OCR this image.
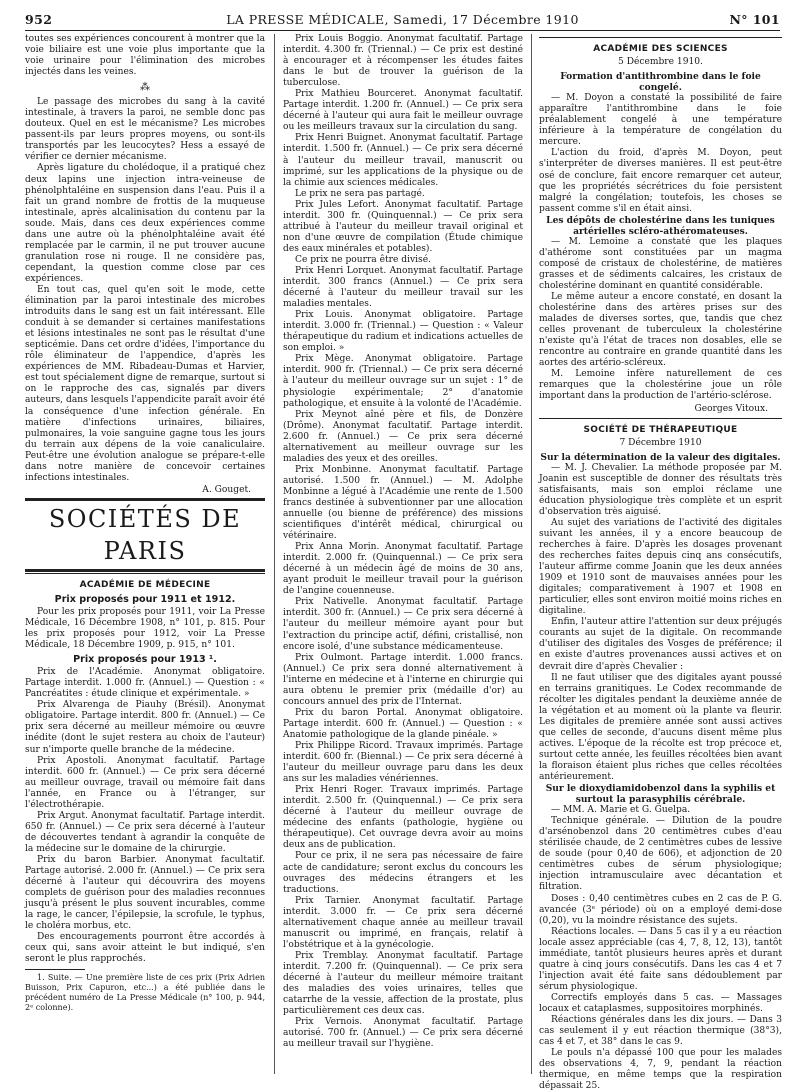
952	LA PRESSE MÉDICALE, Samedi, 17 Décembre 1910	N° 101

toutes ses expériences concourent à montrer que la voie biliaire est une voie plus importante que la voie urinaire pour l'élimination des microbes injectés dans les veines.

⁂

Le passage des microbes du sang à la cavité intestinale, à travers la paroi, ne semble donc pas douteux. Quel en est le mécanisme? Les microbes passent-ils par leurs propres moyens, ou sont-ils transportés par les leucocytes? Hess a essayé de vérifier ce dernier mécanisme.

Après ligature du cholédoque, il a pratiqué chez deux lapins une injection intra-veineuse de phénolphtaléine en suspension dans l'eau. Puis il a fait un grand nombre de frottis de la muqueuse intestinale, après alcalinisation du contenu par la soude. Mais, dans ces deux expériences comme dans une autre où la phénolphtaléine avait été remplacée par le carmin, il ne put trouver aucune granulation rose ni rouge. Il ne considère pas, cependant, la question comme close par ces expériences.

En tout cas, quel qu'en soit le mode, cette élimination par la paroi intestinale des microbes introduits dans le sang est un fait intéressant. Elle conduit à se demander si certaines manifestations et lésions intestinales ne sont pas le résultat d'une septicémie. Dans cet ordre d'idées, l'importance du rôle éliminateur de l'appendice, d'après les expériences de MM. Ribadeau-Dumas et Harvier, est tout spécialement digne de remarque, surtout si on le rapproche des cas, signalés par divers auteurs, dans lesquels l'appendicite paraît avoir été la conséquence d'une infection générale. En matière d'infections urinaires, biliaires, pulmonaires, la voie sanguine gagne tous les jours du terrain aux dépens de la voie canaliculaire. Peut-être une évolution analogue se prépare-t-elle dans notre manière de concevoir certaines infections intestinales.

A. Gouget.

SOCIÉTÉS DE PARIS
ACADÉMIE DE MÉDECINE
Prix proposés pour 1911 et 1912.

Pour les prix proposés pour 1911, voir La Presse Médicale, 16 Décembre 1908, n° 101, p. 815. Pour les prix proposés pour 1912, voir La Presse Médicale, 18 Décembre 1909, p. 915, n° 101.

Prix proposés pour 1913 ¹.

Prix de l'Académie. Anonymat obligatoire. Partage interdit. 1.000 fr. (Annuel.) — Question : « Pancréatites : étude clinique et expérimentale. »

Prix Alvarenga de Piauhy (Brésil). Anonymat obligatoire. Partage interdit. 800 fr. (Annuel.) — Ce prix sera décerné au meilleur mémoire ou œuvre inédite (dont le sujet restera au choix de l'auteur) sur n'importe quelle branche de la médecine.

Prix Apostoli. Anonymat facultatif. Partage interdit. 600 fr. (Annuel.) — Ce prix sera décerné au meilleur ouvrage, travail ou mémoire fait dans l'année, en France ou à l'étranger, sur l'électrothérapie.

Prix Argut. Anonymat facultatif. Partage interdit. 650 fr. (Annuel.) — Ce prix sera décerné à l'auteur de découvertes tendant à agrandir la conquête de la médecine sur le domaine de la chirurgie.

Prix du baron Barbier. Anonymat facultatif. Partage autorisé. 2.000 fr. (Annuel.) — Ce prix sera décerné à l'auteur qui découvrira des moyens complets de guérison pour des maladies reconnues jusqu'à présent le plus souvent incurables, comme la rage, le cancer, l'épilepsie, la scrofule, le typhus, le choléra morbus, etc.

Des encouragements pourront être accordés à ceux qui, sans avoir atteint le but indiqué, s'en seront le plus rapprochés.

1. Suite. — Une première liste de ces prix (Prix Adrien Buisson, Prix Capuron, etc...) a été publiée dans le précédent numéro de La Presse Médicale (n° 100, p. 944, 2ᵉ colonne).

Prix Louis Boggio. Anonymat facultatif. Partage interdit. 4.300 fr. (Triennal.) — Ce prix est destiné à encourager et à récompenser les études faites dans le but de trouver la guérison de la tuberculose.

Prix Mathieu Bourceret. Anonymat facultatif. Partage interdit. 1.200 fr. (Annuel.) — Ce prix sera décerné à l'auteur qui aura fait le meilleur ouvrage ou les meilleurs travaux sur la circulation du sang.

Prix Henri Buignet. Anonymat facultatif. Partage interdit. 1.500 fr. (Annuel.) — Ce prix sera décerné à l'auteur du meilleur travail, manuscrit ou imprimé, sur les applications de la physique ou de la chimie aux sciences médicales.

Le prix ne sera pas partagé.

Prix Jules Lefort. Anonymat facultatif. Partage interdit. 300 fr. (Quinquennal.) — Ce prix sera attribué à l'auteur du meilleur travail original et non d'une œuvre de compilation (Étude chimique des eaux minérales et potables).

Ce prix ne pourra être divisé.

Prix Henri Lorquet. Anonymat facultatif. Partage interdit. 300 francs (Annuel.) — Ce prix sera décerné à l'auteur du meilleur travail sur les maladies mentales.

Prix Louis. Anonymat obligatoire. Partage interdit. 3.000 fr. (Triennal.) — Question : « Valeur thérapeutique du radium et indications actuelles de son emploi. »

Prix Mège. Anonymat obligatoire. Partage interdit. 900 fr. (Triennal.) — Ce prix sera décerné à l'auteur du meilleur ouvrage sur un sujet : 1° de physiologie expérimentale; 2° d'anatomie pathologique, et ensuite à la volonté de l'Académie.

Prix Meynot aîné père et fils, de Donzère (Drôme). Anonymat facultatif. Partage interdit. 2.600 fr. (Annuel.) — Ce prix sera décerné alternativement au meilleur ouvrage sur les maladies des yeux et des oreilles.

Prix Monbinne. Anonymat facultatif. Partage autorisé. 1.500 fr. (Annuel.) — M. Adolphe Monbinne a légué à l'Académie une rente de 1.500 francs destinée à subventionner par une allocation annuelle (ou bienne de préférence) des missions scientifiques d'intérêt médical, chirurgical ou vétérinaire.

Prix Anna Morin. Anonymat facultatif. Partage interdit. 2.000 fr. (Quinquennal.) — Ce prix sera décerné à un médecin âgé de moins de 30 ans, ayant produit le meilleur travail pour la guérison de l'angine couenneuse.

Prix Nativelle. Anonymat facultatif. Partage interdit. 300 fr. (Annuel.) — Ce prix sera décerné à l'auteur du meilleur mémoire ayant pour but l'extraction du principe actif, défini, cristallisé, non encore isolé, d'une substance médicamenteuse.

Prix Oulmont. Partage interdit. 1.000 francs. (Annuel.) Ce prix sera donné alternativement à l'interne en médecine et à l'interne en chirurgie qui aura obtenu le premier prix (médaille d'or) au concours annuel des prix de l'Internat.

Prix du baron Portal. Anonymat obligatoire. Partage interdit. 600 fr. (Annuel.) — Question : « Anatomie pathologique de la glande pinéale. »

Prix Philippe Ricord. Travaux imprimés. Partage interdit. 600 fr. (Biennal.) — Ce prix sera décerné à l'auteur du meilleur ouvrage paru dans les deux ans sur les maladies vénériennes.

Prix Henri Roger. Travaux imprimés. Partage interdit. 2.500 fr. (Quinquennal.) — Ce prix sera décerné à l'auteur du meilleur ouvrage de médecine des enfants (pathologie, hygiène ou thérapeutique). Cet ouvrage devra avoir au moins deux ans de publication.

Pour ce prix, il ne sera pas nécessaire de faire acte de candidature; seront exclus du concours les ouvrages des médecins étrangers et les traductions.

Prix Tarnier. Anonymat facultatif. Partage interdit. 3.000 fr. — Ce prix sera décerné alternativement chaque année au meilleur travail manuscrit ou imprimé, en français, relatif à l'obstétrique et à la gynécologie.

Prix Tremblay. Anonymat facultatif. Partage interdit. 7.200 fr. (Quinquennal). — Ce prix sera décerné à l'auteur du meilleur mémoire traitant des maladies des voies urinaires, telles que catarrhe de la vessie, affection de la prostate, plus particulièrement ces deux cas.

Prix Vernois. Anonymat facultatif. Partage autorisé. 700 fr. (Annuel.) — Ce prix sera décerné au meilleur travail sur l'hygiène.

ACADÉMIE DES SCIENCES
5 Décembre 1910.

Formation d'antithrombine dans le foie congelé.

— M. Doyon a constaté la possibilité de faire apparaître l'antithrombine dans le foie préalablement congelé à une température inférieure à la température de congélation du mercure.

L'action du froid, d'après M. Doyon, peut s'interpréter de diverses manières. Il est peut-être osé de conclure, fait encore remarquer cet auteur, que les propriétés sécrétrices du foie persistent malgré la congélation; toutefois, les choses se passent comme s'il en était ainsi.

Les dépôts de cholestérine dans les tuniques artérielles scléro-athéromateuses.

— M. Lemoine a constaté que les plaques d'athérome sont constituées par un magma composé de cristaux de cholestérine, de matières grasses et de sédiments calcaires, les cristaux de cholestérine dominant en quantité considérable.

Le même auteur a encore constaté, en dosant la cholestérine dans des artères prises sur des malades de diverses sortes, que, tandis que chez celles provenant de tuberculeux la cholestérine n'existe qu'à l'état de traces non dosables, elle se rencontre au contraire en grande quantité dans les aortes des artério-scléreux.

M. Lemoine infère naturellement de ces remarques que la cholestérine joue un rôle important dans la production de l'artério-sclérose.

Georges Vitoux.

SOCIÉTÉ DE THÉRAPEUTIQUE
7 Décembre 1910

Sur la détermination de la valeur des digitales.

— M. J. Chevalier. La méthode proposée par M. Joanin est susceptible de donner des résultats très satisfaisants, mais son emploi réclame une éducation physiologique très complète et un esprit d'observation très aiguisé.

Au sujet des variations de l'activité des digitales suivant les années, il y a encore beaucoup de recherches à faire. D'après les dosages provenant des recherches faites depuis cinq ans consécutifs, l'auteur affirme comme Joanin que les deux années 1909 et 1910 sont de mauvaises années pour les digitales; comparativement à 1907 et 1908 en particulier, elles sont environ moitié moins riches en digitaline.

Enfin, l'auteur attire l'attention sur deux préjugés courants au sujet de la digitale. On recommande d'utiliser des digitales des Vosges de préférence; il en existe d'autres provenances aussi actives et on devrait dire d'après Chevalier :

Il ne faut utiliser que des digitales ayant poussé en terrains granitiques. Le Codex recommande de récolter les digitales pendant la deuxième année de la végétation et au moment où la plante va fleurir. Les digitales de première année sont aussi actives que celles de seconde, d'aucuns disent même plus actives. L'époque de la récolte est trop précoce et, surtout cette année, les feuilles récoltées bien avant la floraison étaient plus riches que celles récoltées antérieurement.

Sur le dioxydiamidobenzol dans la syphilis et surtout la parasyphilis cérébrale.

— MM. A. Marie et G. Guelpa.

Technique générale. — Dilution de la poudre d'arsénobenzol dans 20 centimètres cubes d'eau stérilisée chaude, de 2 centimètres cubes de lessive de soude (pour 0,40 de 606), et adjonction de 20 centimètres cubes de sérum physiologique; injection intramusculaire avec décantation et filtration.

Doses : 0,40 centimètres cubes en 2 cas de P. G. avancée (3ᵉ période) où on a employé demi-dose (0,20), vu la moindre résistance des sujets.

Réactions locales. — Dans 5 cas il y a eu réaction locale assez appréciable (cas 4, 7, 8, 12, 13), tantôt immédiate, tantôt plusieurs heures après et durant quatre à cinq jours consécutifs. Dans les cas 4 et 7 l'injection avait été faite sans dédoublement par sérum physiologique.

Correctifs employés dans 5 cas. — Massages locaux et cataplasmes, suppositoires morphinés.

Réactions générales dans les dix jours. — Dans 3 cas seulement il y eut réaction thermique (38°3), cas 4 et 7, et 38° dans le cas 9.

Le pouls n'a dépassé 100 que pour les malades des observations 4, 7, 9, pendant la réaction thermique, en même temps que la respiration dépassait 25.
